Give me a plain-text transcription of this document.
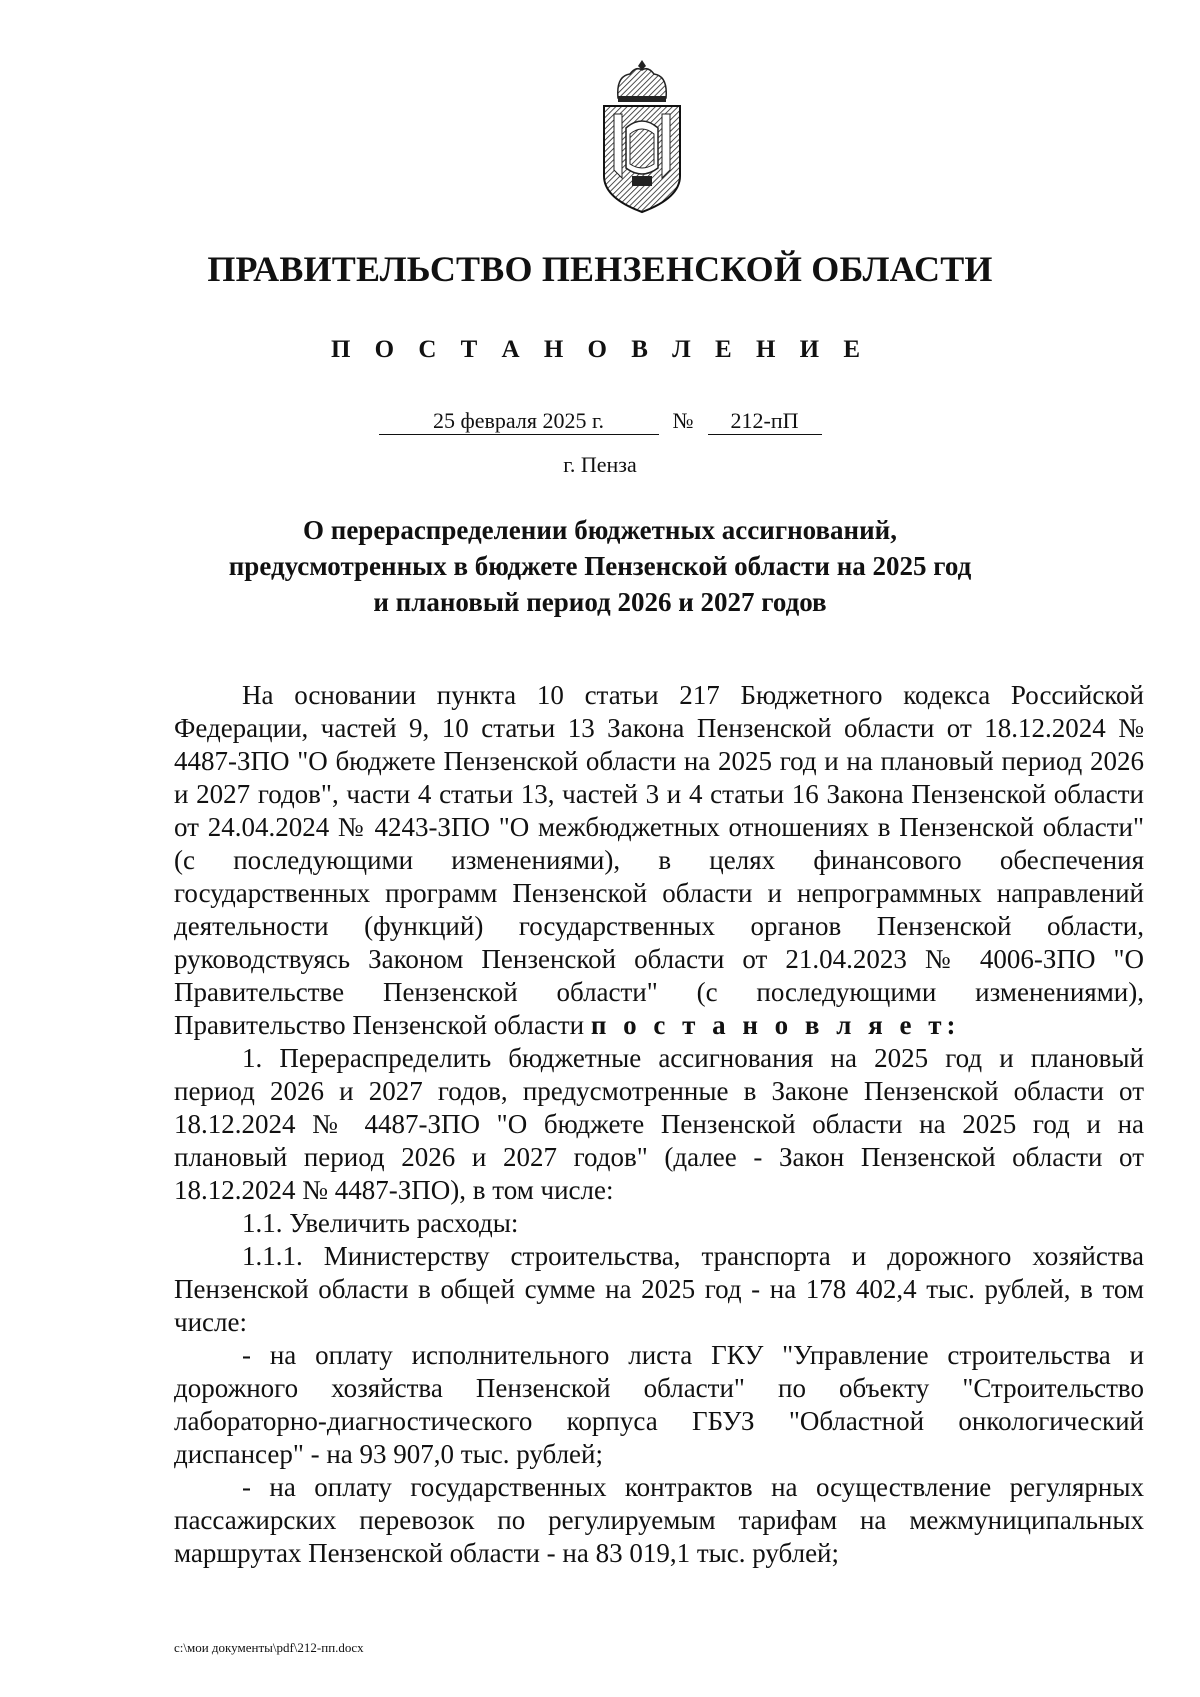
ПРАВИТЕЛЬСТВО ПЕНЗЕНСКОЙ ОБЛАСТИ
П О С Т А Н О В Л Е Н И Е
25 февраля 2025 г.	№ 212-пП
г. Пенза
О перераспределении бюджетных ассигнований,
предусмотренных в бюджете Пензенской области на 2025 год
и плановый период 2026 и 2027 годов

На основании пункта 10 статьи 217 Бюджетного кодекса Российской Федерации, частей 9, 10 статьи 13 Закона Пензенской области от 18.12.2024 № 4487-ЗПО "О бюджете Пензенской области на 2025 год и на плановый период 2026 и 2027 годов", части 4 статьи 13, частей 3 и 4 статьи 16 Закона Пензенской области от 24.04.2024 № 4243-ЗПО "О межбюджетных отношениях в Пензенской области" (с последующими изменениями), в целях финансового обеспечения государственных программ Пензенской области и непрограммных направлений деятельности (функций) государственных органов Пензенской области, руководствуясь Законом Пензенской области от 21.04.2023 № 4006-ЗПО "О Правительстве Пензенской области" (с последующими изменениями), Правительство Пензенской области п о с т а н о в л я е т:

1. Перераспределить бюджетные ассигнования на 2025 год и плановый период 2026 и 2027 годов, предусмотренные в Законе Пензенской области от 18.12.2024 № 4487-ЗПО "О бюджете Пензенской области на 2025 год и на плановый период 2026 и 2027 годов" (далее - Закон Пензенской области от 18.12.2024 № 4487-ЗПО), в том числе:

1.1. Увеличить расходы:

1.1.1. Министерству строительства, транспорта и дорожного хозяйства Пензенской области в общей сумме на 2025 год - на 178 402,4 тыс. рублей, в том числе:

- на оплату исполнительного листа ГКУ "Управление строительства и дорожного хозяйства Пензенской области" по объекту "Строительство лабораторно-диагностического корпуса ГБУЗ "Областной онкологический диспансер" - на 93 907,0 тыс. рублей;

- на оплату государственных контрактов на осуществление регулярных пассажирских перевозок по регулируемым тарифам на межмуниципальных маршрутах Пензенской области - на 83 019,1 тыс. рублей;

c:\мои документы\pdf\212-пп.docx
